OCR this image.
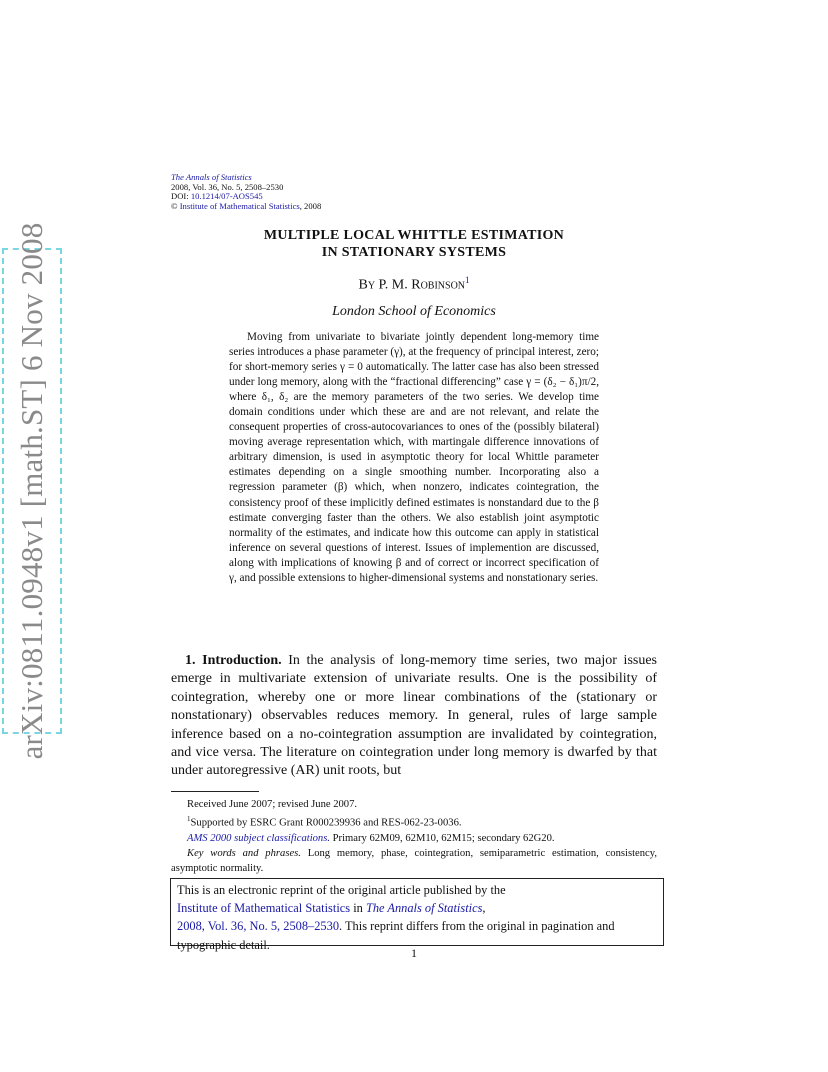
arXiv:0811.0948v1 [math.ST] 6 Nov 2008
The Annals of Statistics
2008, Vol. 36, No. 5, 2508–2530
DOI: 10.1214/07-AOS545
© Institute of Mathematical Statistics, 2008
MULTIPLE LOCAL WHITTLE ESTIMATION
IN STATIONARY SYSTEMS
By P. M. Robinson$^1$
London School of Economics
Moving from univariate to bivariate jointly dependent long-memory time series introduces a phase parameter (γ), at the frequency of principal interest, zero; for short-memory series γ = 0 automatically. The latter case has also been stressed under long memory, along with the “fractional differencing” case γ = (δ₂ − δ₁)π/2, where δ₁, δ₂ are the memory parameters of the two series. We develop time domain conditions under which these are and are not relevant, and relate the consequent properties of cross-autocovariances to ones of the (possibly bilateral) moving average representation which, with martingale difference innovations of arbitrary dimension, is used in asymptotic theory for local Whittle parameter estimates depending on a single smoothing number. Incorporating also a regression parameter (β) which, when nonzero, indicates cointegration, the consistency proof of these implicitly defined estimates is nonstandard due to the β estimate converging faster than the others. We also establish joint asymptotic normality of the estimates, and indicate how this outcome can apply in statistical inference on several questions of interest. Issues of implemention are discussed, along with implications of knowing β and of correct or incorrect specification of γ, and possible extensions to higher-dimensional systems and nonstationary series.
1. Introduction. In the analysis of long-memory time series, two major issues emerge in multivariate extension of univariate results. One is the possibility of cointegration, whereby one or more linear combinations of the (stationary or nonstationary) observables reduces memory. In general, rules of large sample inference based on a no-cointegration assumption are invalidated by cointegration, and vice versa. The literature on cointegration under long memory is dwarfed by that under autoregressive (AR) unit roots, but

Received June 2007; revised June 2007.

$^1$Supported by ESRC Grant R000239936 and RES-062-23-0036.

AMS 2000 subject classifications. Primary 62M09, 62M10, 62M15; secondary 62G20.

Key words and phrases. Long memory, phase, cointegration, semiparametric estimation, consistency, asymptotic normality.

This is an electronic reprint of the original article published by the
Institute of Mathematical Statistics in The Annals of Statistics,
2008, Vol. 36, No. 5, 2508–2530. This reprint differs from the original in pagination and typographic detail.
1
